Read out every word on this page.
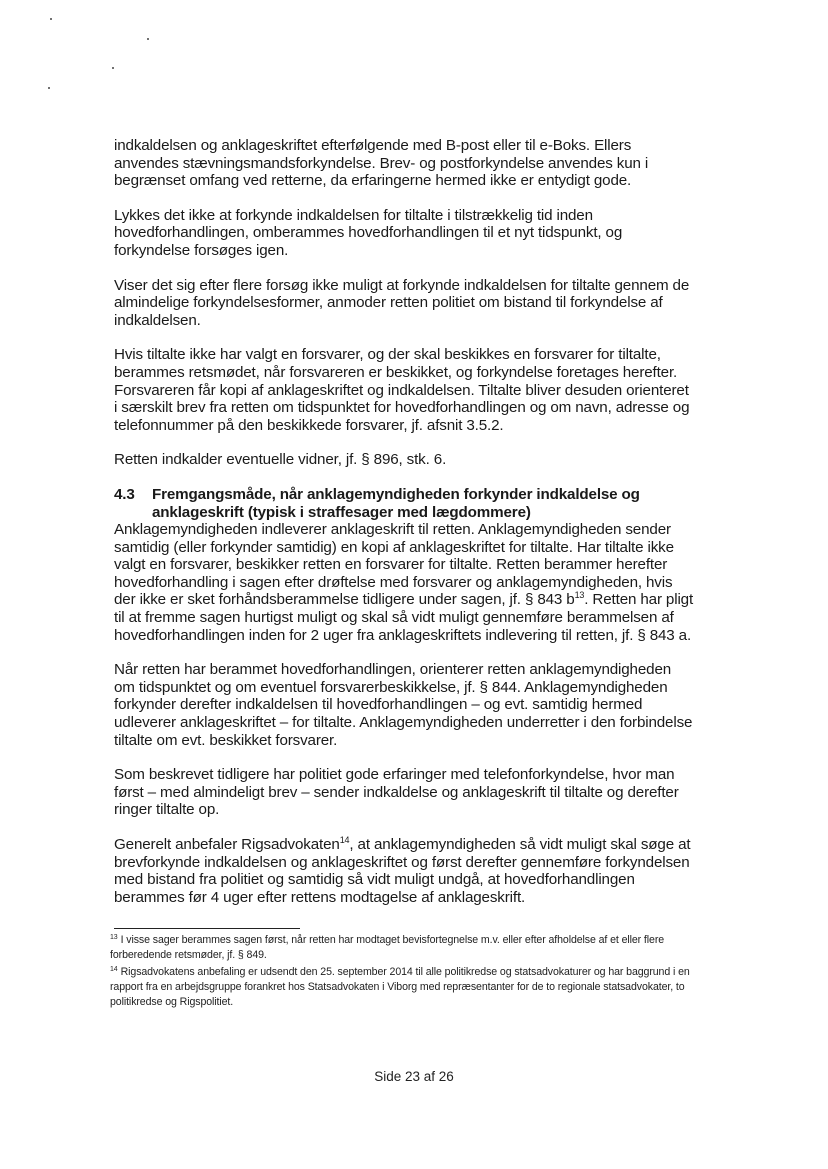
indkaldelsen og anklageskriftet efterfølgende med B-post eller til e-Boks. Ellers anvendes stævningsmandsforkyndelse. Brev- og postforkyndelse anvendes kun i begrænset omfang ved retterne, da erfaringerne hermed ikke er entydigt gode.

Lykkes det ikke at forkynde indkaldelsen for tiltalte i tilstrækkelig tid inden hovedforhandlingen, omberammes hovedforhandlingen til et nyt tidspunkt, og forkyndelse forsøges igen.

Viser det sig efter flere forsøg ikke muligt at forkynde indkaldelsen for tiltalte gennem de almindelige forkyndelsesformer, anmoder retten politiet om bistand til forkyndelse af indkaldelsen.

Hvis tiltalte ikke har valgt en forsvarer, og der skal beskikkes en forsvarer for tiltalte, berammes retsmødet, når forsvareren er beskikket, og forkyndelse foretages herefter. Forsvareren får kopi af anklageskriftet og indkaldelsen. Tiltalte bliver desuden orienteret i særskilt brev fra retten om tidspunktet for hovedforhandlingen og om navn, adresse og telefonnummer på den beskikkede forsvarer, jf. afsnit 3.5.2.

Retten indkalder eventuelle vidner, jf. § 896, stk. 6.

4.3	Fremgangsmåde, når anklagemyndigheden forkynder indkaldelse og anklageskrift (typisk i straffesager med lægdommere)

Anklagemyndigheden indleverer anklageskrift til retten. Anklagemyndigheden sender samtidig (eller forkynder samtidig) en kopi af anklageskriftet for tiltalte. Har tiltalte ikke valgt en forsvarer, beskikker retten en forsvarer for tiltalte. Retten berammer herefter hovedforhandling i sagen efter drøftelse med forsvarer og anklagemyndigheden, hvis der ikke er sket forhåndsberammelse tidligere under sagen, jf. § 843 $b^{13}$. Retten har pligt til at fremme sagen hurtigst muligt og skal så vidt muligt gennemføre berammelsen af hovedforhandlingen inden for 2 uger fra anklageskriftets indlevering til retten, jf. § 843 a.

Når retten har berammet hovedforhandlingen, orienterer retten anklagemyndigheden om tidspunktet og om eventuel forsvarerbeskikkelse, jf. § 844. Anklagemyndigheden forkynder derefter indkaldelsen til hovedforhandlingen – og evt. samtidig hermed udleverer anklageskriftet – for tiltalte. Anklagemyndigheden underretter i den forbindelse tiltalte om evt. beskikket forsvarer.

Som beskrevet tidligere har politiet gode erfaringer med telefonforkyndelse, hvor man først – med almindeligt brev – sender indkaldelse og anklageskrift til tiltalte og derefter ringer tiltalte op.

Generelt anbefaler Rigsadvokaten$^{14}$, at anklagemyndigheden så vidt muligt skal søge at brevforkynde indkaldelsen og anklageskriftet og først derefter gennemføre forkyndelsen med bistand fra politiet og samtidig så vidt muligt undgå, at hovedforhandlingen berammes før 4 uger efter rettens modtagelse af anklageskrift.

$^{13}$ I visse sager berammes sagen først, når retten har modtaget bevisfortegnelse m.v. eller efter afholdelse af et eller flere forberedende retsmøder, jf. § 849.

$^{14}$ Rigsadvokatens anbefaling er udsendt den 25. september 2014 til alle politikredse og statsadvokaturer og har baggrund i en rapport fra en arbejdsgruppe forankret hos Statsadvokaten i Viborg med repræsentanter for de to regionale statsadvokater, to politikredse og Rigspolitiet.

Side 23 af 26
